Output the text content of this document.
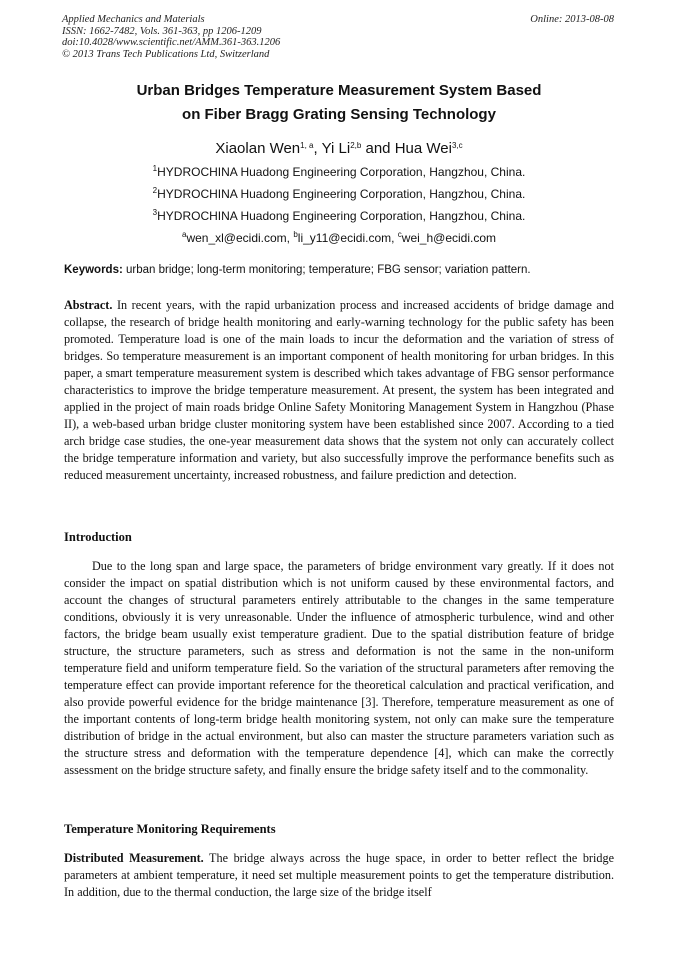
Applied Mechanics and Materials
ISSN: 1662-7482, Vols. 361-363, pp 1206-1209
doi:10.4028/www.scientific.net/AMM.361-363.1206
© 2013 Trans Tech Publications Ltd, Switzerland
Online: 2013-08-08
Urban Bridges Temperature Measurement System Based
on Fiber Bragg Grating Sensing Technology
Xiaolan Wen$^{1, a}$, Yi Li$^{2,b}$ and Hua Wei$^{3,c}$
$^1$HYDROCHINA Huadong Engineering Corporation, Hangzhou, China.
$^2$HYDROCHINA Huadong Engineering Corporation, Hangzhou, China.
$^3$HYDROCHINA Huadong Engineering Corporation, Hangzhou, China.
$^a$wen_xl@ecidi.com, $^b$li_y11@ecidi.com, $^c$wei_h@ecidi.com
Keywords: urban bridge; long-term monitoring; temperature; FBG sensor; variation pattern.
Abstract. In recent years, with the rapid urbanization process and increased accidents of bridge damage and collapse, the research of bridge health monitoring and early-warning technology for the public safety has been promoted. Temperature load is one of the main loads to incur the deformation and the variation of stress of bridges. So temperature measurement is an important component of health monitoring for urban bridges. In this paper, a smart temperature measurement system is described which takes advantage of FBG sensor performance characteristics to improve the bridge temperature measurement. At present, the system has been integrated and applied in the project of main roads bridge Online Safety Monitoring Management System in Hangzhou (Phase II), a web-based urban bridge cluster monitoring system have been established since 2007. According to a tied arch bridge case studies, the one-year measurement data shows that the system not only can accurately collect the bridge temperature information and variety, but also successfully improve the performance benefits such as reduced measurement uncertainty, increased robustness, and failure prediction and detection.
Introduction
Due to the long span and large space, the parameters of bridge environment vary greatly. If it does not consider the impact on spatial distribution which is not uniform caused by these environmental factors, and account the changes of structural parameters entirely attributable to the changes in the same temperature conditions, obviously it is very unreasonable. Under the influence of atmospheric turbulence, wind and other factors, the bridge beam usually exist temperature gradient. Due to the spatial distribution feature of bridge structure, the structure parameters, such as stress and deformation is not the same in the non-uniform temperature field and uniform temperature field. So the variation of the structural parameters after removing the temperature effect can provide important reference for the theoretical calculation and practical verification, and also provide powerful evidence for the bridge maintenance [3]. Therefore, temperature measurement as one of the important contents of long-term bridge health monitoring system, not only can make sure the temperature distribution of bridge in the actual environment, but also can master the structure parameters variation such as the structure stress and deformation with the temperature dependence [4], which can make the correctly assessment on the bridge structure safety, and finally ensure the bridge safety itself and to the commonality.
Temperature Monitoring Requirements
Distributed Measurement. The bridge always across the huge space, in order to better reflect the bridge parameters at ambient temperature, it need set multiple measurement points to get the temperature distribution. In addition, due to the thermal conduction, the large size of the bridge itself
